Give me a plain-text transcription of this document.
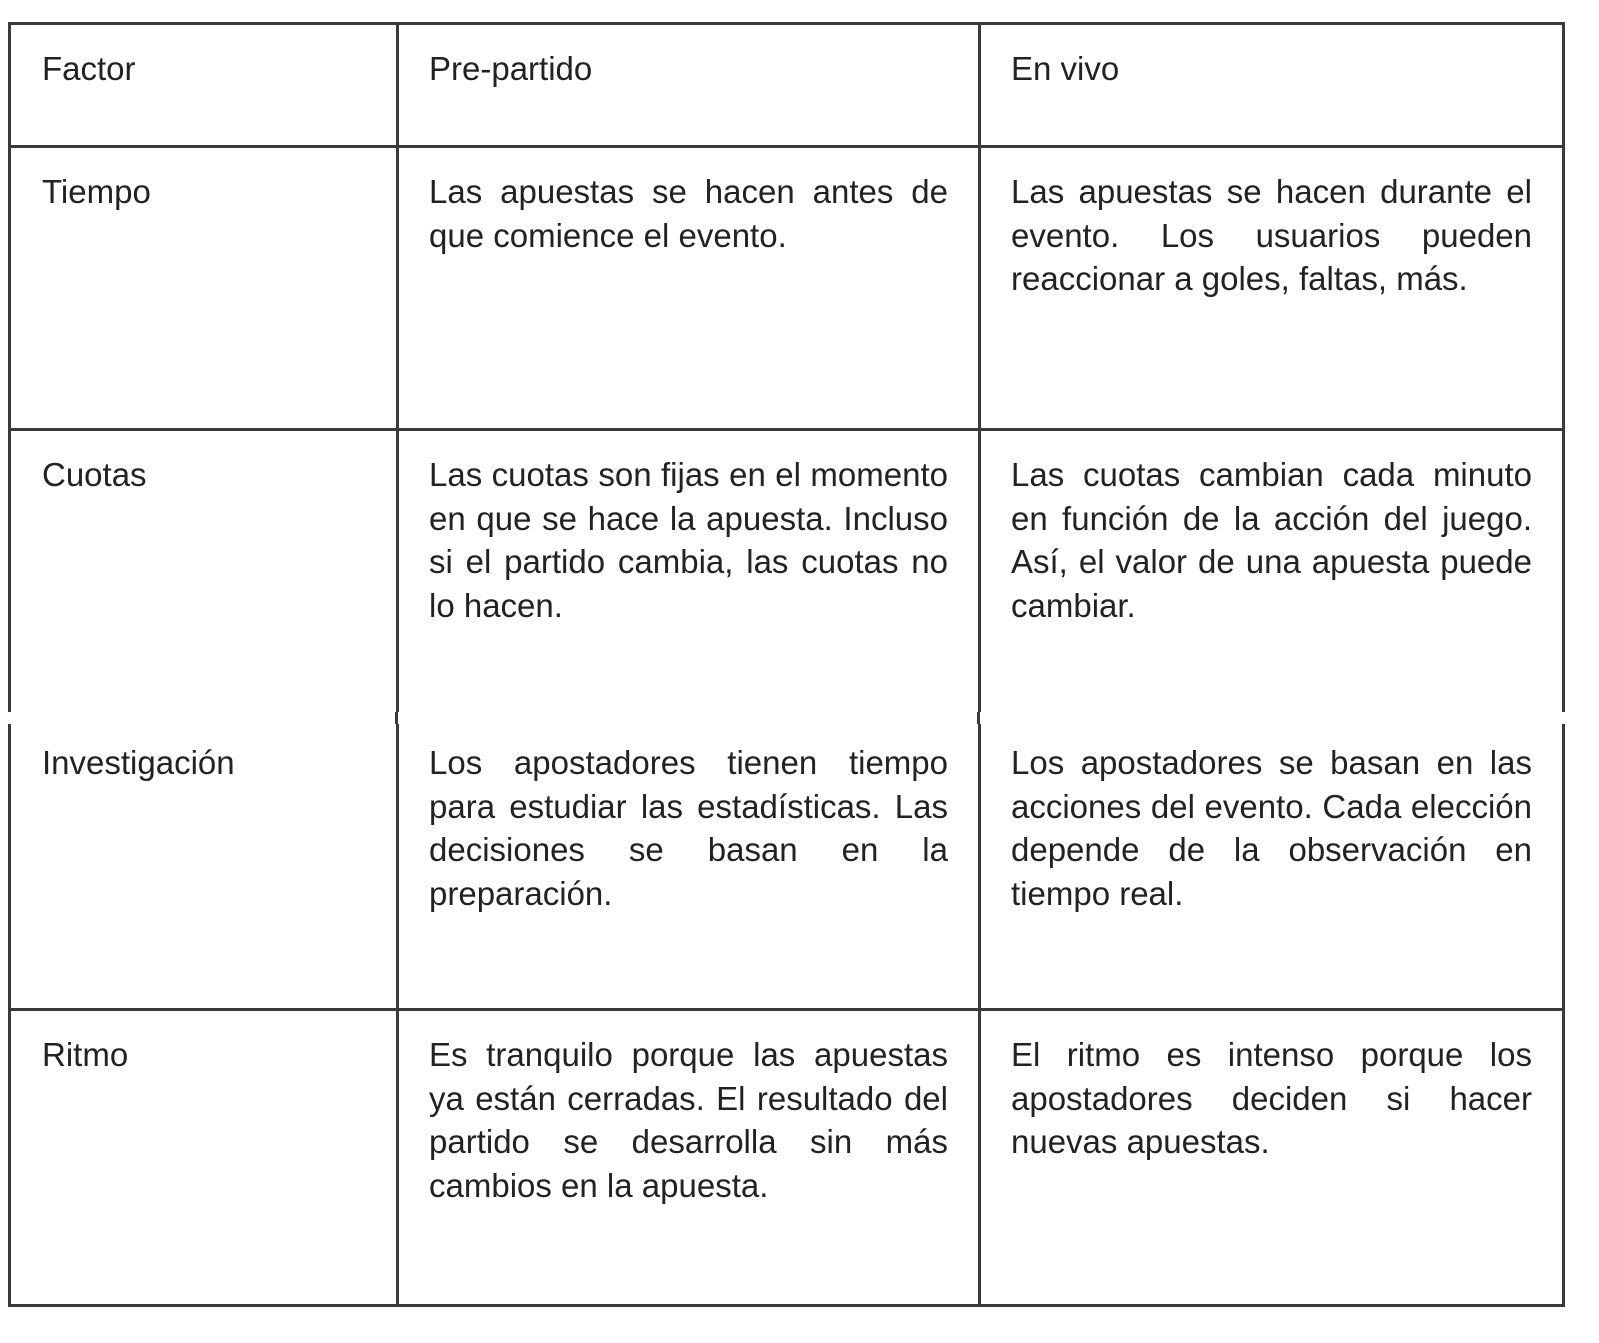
Factor	Pre-partido	En vivo
Tiempo	Las apuestas se hacen antes de que comience el evento.	Las apuestas se hacen durante el evento. Los usuarios pueden reaccionar a goles, faltas, más.
Cuotas	Las cuotas son fijas en el momento en que se hace la apuesta. Incluso si el partido cambia, las cuotas no lo hacen.	Las cuotas cambian cada minuto en función de la acción del juego. Así, el valor de una apuesta puede cambiar.
Investigación	Los apostadores tienen tiempo para estudiar las estadísticas. Las decisiones se basan en la preparación.	Los apostadores se basan en las acciones del evento. Cada elección depende de la observación en tiempo real.
Ritmo	Es tranquilo porque las apuestas ya están cerradas. El resultado del partido se desarrolla sin más cambios en la apuesta.	El ritmo es intenso porque los apostadores deciden si hacer nuevas apuestas.
